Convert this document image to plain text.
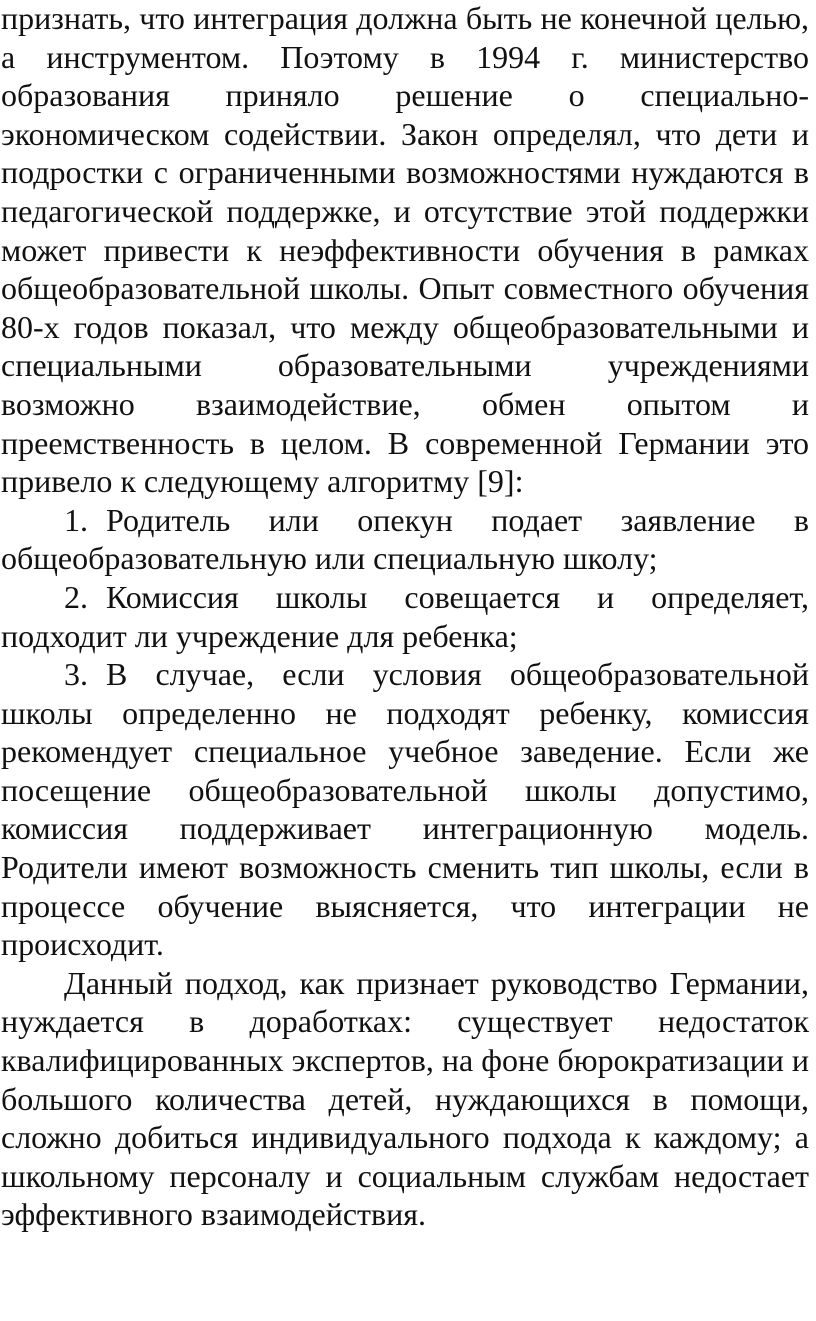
признать, что интеграция должна быть не конечной целью, а инструментом. Поэтому в 1994 г. министерство образования приняло решение о специально-экономическом содействии. Закон определял, что дети и подростки с ограниченными возможностями нуждаются в педагогической поддержке, и отсутствие этой поддержки может привести к неэффективности обучения в рамках общеобразовательной школы. Опыт совместного обучения 80-х годов показал, что между общеобразовательными и специальными образовательными учреждениями возможно взаимодействие, обмен опытом и преемственность в целом. В современной Германии это привело к следующему алгоритму [9]:

1. Родитель или опекун подает заявление в общеобразовательную или специальную школу;

2. Комиссия школы совещается и определяет, подходит ли учреждение для ребенка;

3. В случае, если условия общеобразовательной школы определенно не подходят ребенку, комиссия рекомендует специальное учебное заведение. Если же посещение общеобразовательной школы допустимо, комиссия поддерживает интеграционную модель. Родители имеют возможность сменить тип школы, если в процессе обучение выясняется, что интеграции не происходит.

Данный подход, как признает руководство Германии, нуждается в доработках: существует недостаток квалифицированных экспертов, на фоне бюрократизации и большого количества детей, нуждающихся в помощи, сложно добиться индивидуального подхода к каждому; а школьному персоналу и социальным службам недостает эффективного взаимодействия.
